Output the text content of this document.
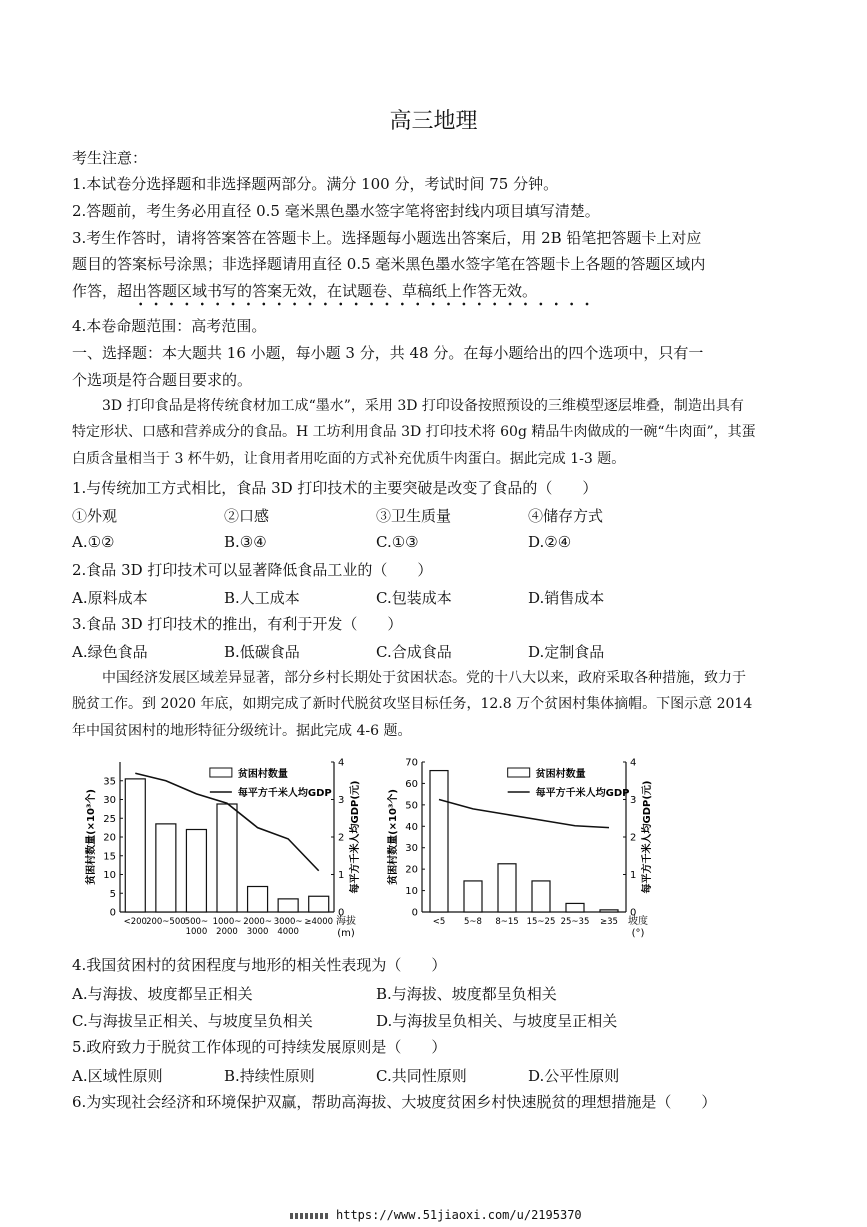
高三地理
考生注意：
1.本试卷分选择题和非选择题两部分。满分 100 分，考试时间 75 分钟。
2.答题前，考生务必用直径 0.5 毫米黑色墨水签字笔将密封线内项目填写清楚。
3.考生作答时，请将答案答在答题卡上。选择题每小题选出答案后，用 2B 铅笔把答题卡上对应
题目的答案标号涂黑；非选择题请用直径 0.5 毫米黑色墨水签字笔在答题卡上各题的答题区域内
作答，超出答题区域书写的答案无效，在试题卷、草稿纸上作答无效。
4.本卷命题范围：高考范围。
一、选择题：本大题共 16 小题，每小题 3 分，共 48 分。在每小题给出的四个选项中，只有一
个选项是符合题目要求的。
3D 打印食品是将传统食材加工成“墨水”，采用 3D 打印设备按照预设的三维模型逐层堆叠，制造出具有
特定形状、口感和营养成分的食品。H 工坊利用食品 3D 打印技术将 60g 精品牛肉做成的一碗“牛肉面”，其蛋
白质含量相当于 3 杯牛奶，让食用者用吃面的方式补充优质牛肉蛋白。据此完成 1-3 题。
1.与传统加工方式相比，食品 3D 打印技术的主要突破是改变了食品的（　　）
①外观	②口感	③卫生质量	④储存方式
A.①②	B.③④	C.①③	D.②④
2.食品 3D 打印技术可以显著降低食品工业的（　　）
A.原料成本	B.人工成本	C.包装成本	D.销售成本
3.食品 3D 打印技术的推出，有利于开发（　　）
A.绿色食品	B.低碳食品	C.合成食品	D.定制食品
中国经济发展区域差异显著，部分乡村长期处于贫困状态。党的十八大以来，政府采取各种措施，致力于
脱贫工作。到 2020 年底，如期完成了新时代脱贫攻坚目标任务，12.8 万个贫困村集体摘帽。下图示意 2014
年中国贫困村的地形特征分级统计。据此完成 4-6 题。
0
5
10
15
20
25
30
35
0
1
2
3
4
<200 200~500 500~ 1000
1000~ 2000
2000~ 3000
3000~ 4000
≥4000 海拔(m)
贫困村数量(×10³个)	每平方千米人均GDP(元)
贫困村数量
每平方千米人均GDP
0
10
20
30
40
50
60
70
0
1
2
3
4
<5 5~8 8~15 15~25 25~35 ≥35 坡度(°)
贫困村数量(×10³个)	每平方千米人均GDP(元)
贫困村数量
每平方千米人均GDP
4.我国贫困村的贫困程度与地形的相关性表现为（　　）
A.与海拔、坡度都呈正相关	B.与海拔、坡度都呈负相关
C.与海拔呈正相关、与坡度呈负相关	D.与海拔呈负相关、与坡度呈正相关
5.政府致力于脱贫工作体现的可持续发展原则是（　　）
A.区域性原则	B.持续性原则	C.共同性原则	D.公平性原则
6.为实现社会经济和环境保护双赢，帮助高海拔、大坡度贫困乡村快速脱贫的理想措施是（　　）
https://www.51jiaoxi.com/u/2195370
